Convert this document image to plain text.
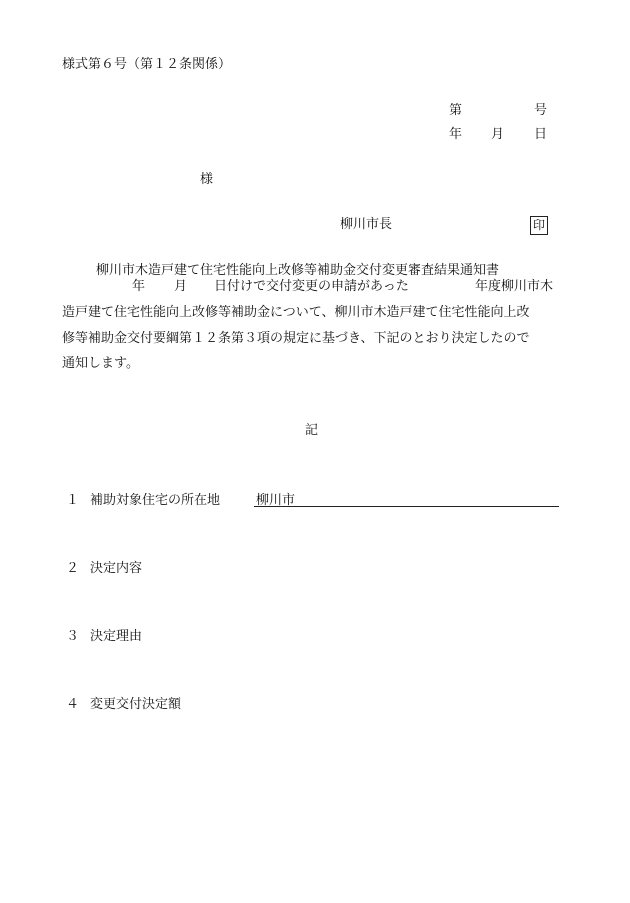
様式第６号（第１２条関係）
第	号
年 月 日
様
柳川市長	印
柳川市木造戸建て住宅性能向上改修等補助金交付変更審査結果通知書
年 月 日付けで交付変更の申請があった	年度柳川市木
造戸建て住宅性能向上改修等補助金について、柳川市木造戸建て住宅性能向上改
修等補助金交付要綱第１２条第３項の規定に基づき、下記のとおり決定したので
通知します。
記
１ 補助対象住宅の所在地	柳川市
２ 決定内容
３ 決定理由
４ 変更交付決定額
